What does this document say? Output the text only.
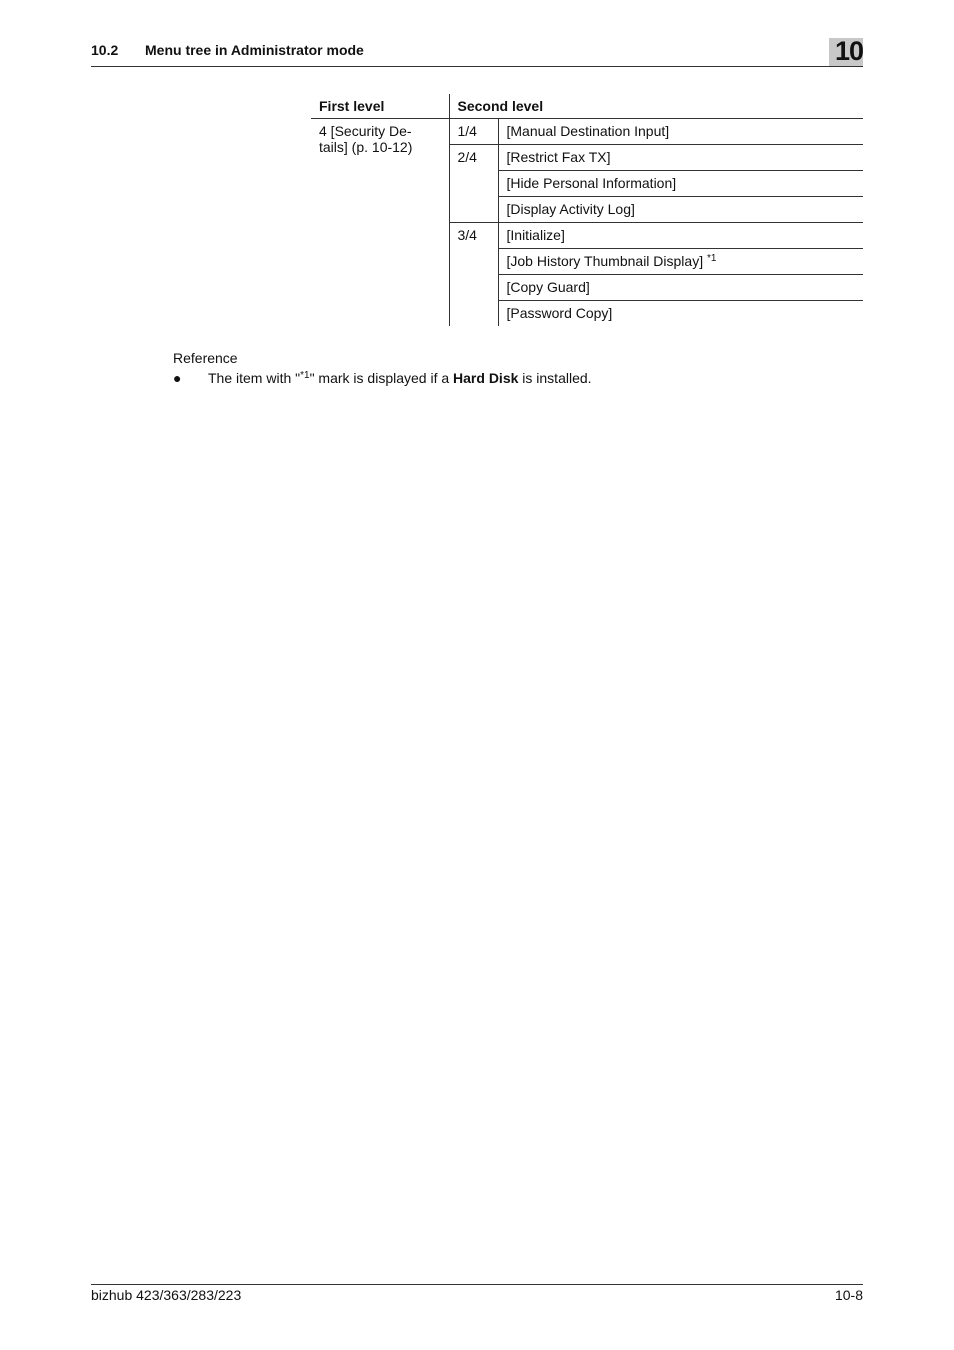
10.2 Menu tree in Administrator mode	10
First level	Second level	
4 [Security De-
tails] (p. 10-12)	1/4	[Manual Destination Input]
	2/4	[Restrict Fax TX]
		[Hide Personal Information]
		[Display Activity Log]
	3/4	[Initialize]
		[Job History Thumbnail Display] $^{*1}$
		[Copy Guard]
		[Password Copy]
Reference
● The item with "$^{*1}$" mark is displayed if a Hard Disk is installed.
bizhub 423/363/283/223	10-8
